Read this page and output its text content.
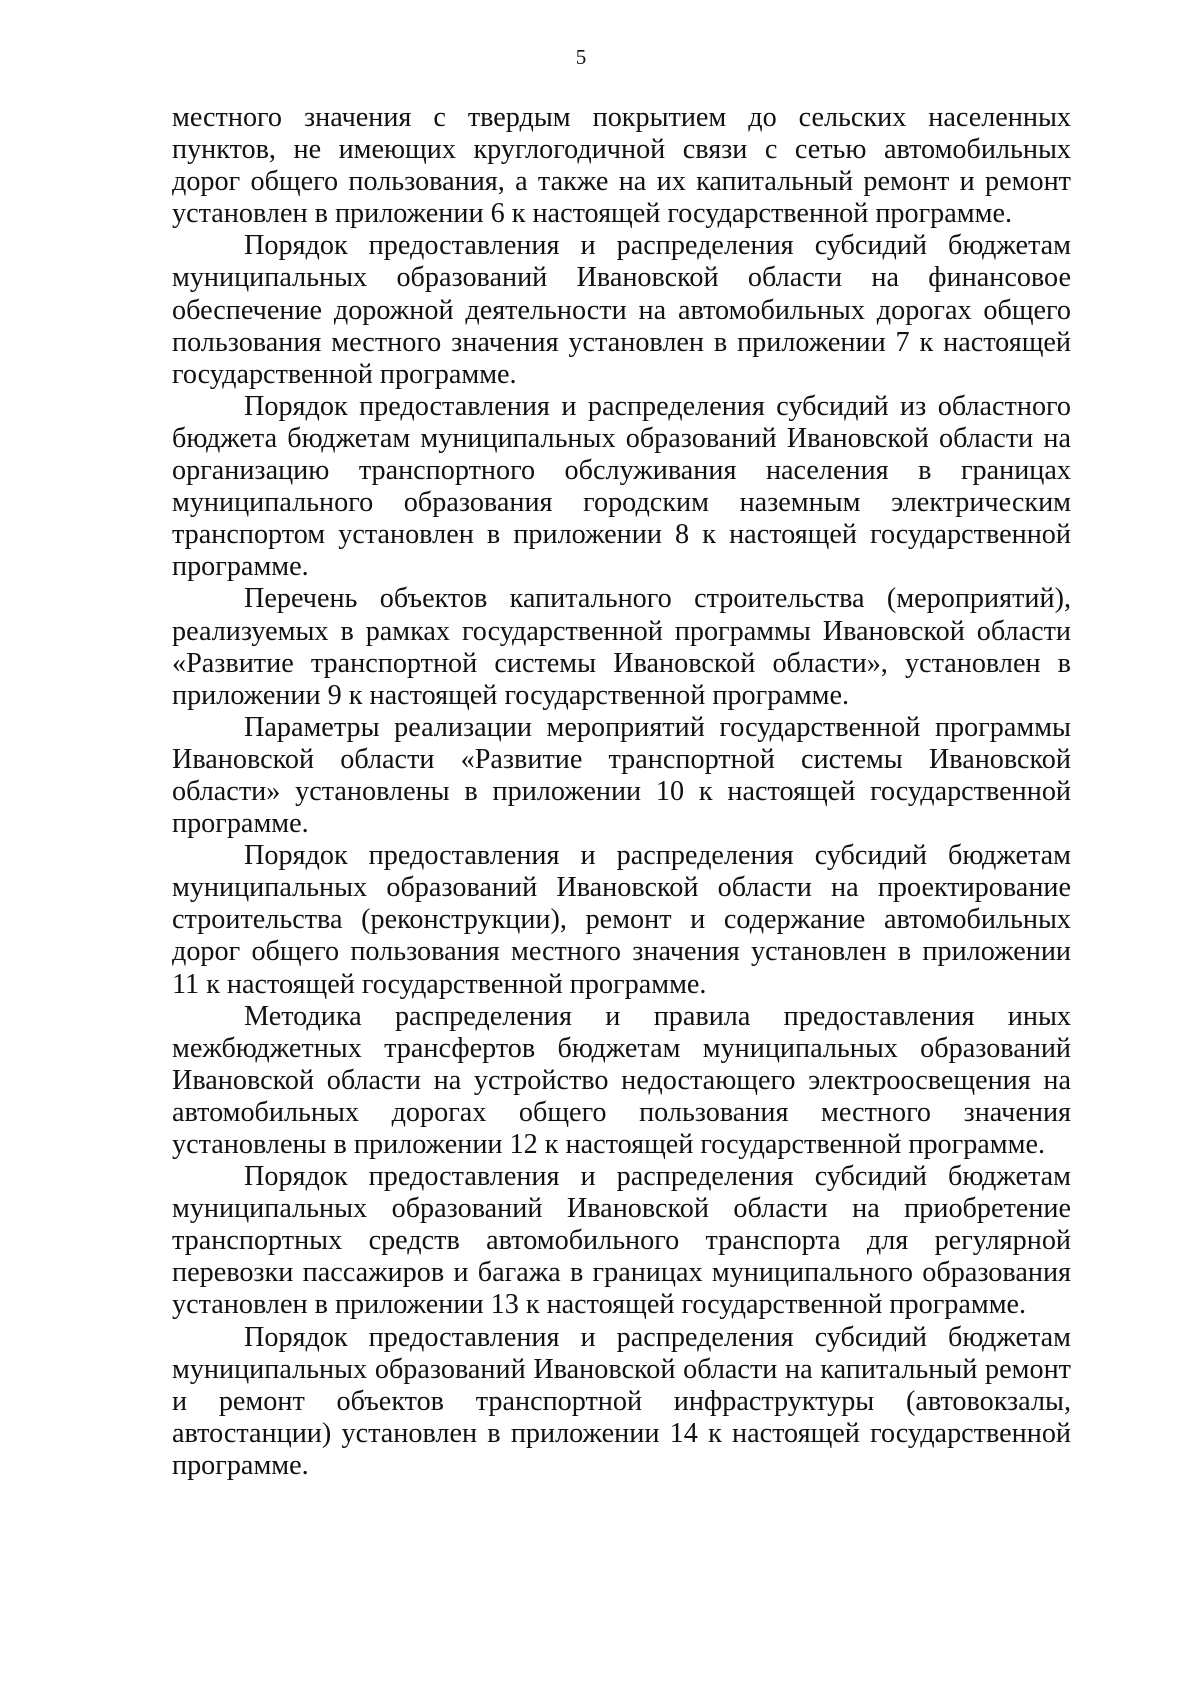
5

местного значения с твердым покрытием до сельских населенных пунктов, не имеющих круглогодичной связи с сетью автомобильных дорог общего пользования, а также на их капитальный ремонт и ремонт установлен в приложении 6 к настоящей государственной программе.

Порядок предоставления и распределения субсидий бюджетам муниципальных образований Ивановской области на финансовое обеспечение дорожной деятельности на автомобильных дорогах общего пользования местного значения установлен в приложении 7 к настоящей государственной программе.

Порядок предоставления и распределения субсидий из областного бюджета бюджетам муниципальных образований Ивановской области на организацию транспортного обслуживания населения в границах муниципального образования городским наземным электрическим транспортом установлен в приложении 8 к настоящей государственной программе.

Перечень объектов капитального строительства (мероприятий), реализуемых в рамках государственной программы Ивановской области «Развитие транспортной системы Ивановской области», установлен в приложении 9 к настоящей государственной программе.

Параметры реализации мероприятий государственной программы Ивановской области «Развитие транспортной системы Ивановской области» установлены в приложении 10 к настоящей государственной программе.

Порядок предоставления и распределения субсидий бюджетам муниципальных образований Ивановской области на проектирование строительства (реконструкции), ремонт и содержание автомобильных дорог общего пользования местного значения установлен в приложении 11 к настоящей государственной программе.

Методика распределения и правила предоставления иных межбюджетных трансфертов бюджетам муниципальных образований Ивановской области на устройство недостающего электроосвещения на автомобильных дорогах общего пользования местного значения установлены в приложении 12 к настоящей государственной программе.

Порядок предоставления и распределения субсидий бюджетам муниципальных образований Ивановской области на приобретение транспортных средств автомобильного транспорта для регулярной перевозки пассажиров и багажа в границах муниципального образования установлен в приложении 13 к настоящей государственной программе.

Порядок предоставления и распределения субсидий бюджетам муниципальных образований Ивановской области на капитальный ремонт и ремонт объектов транспортной инфраструктуры (автовокзалы, автостанции) установлен в приложении 14 к настоящей государственной программе.
